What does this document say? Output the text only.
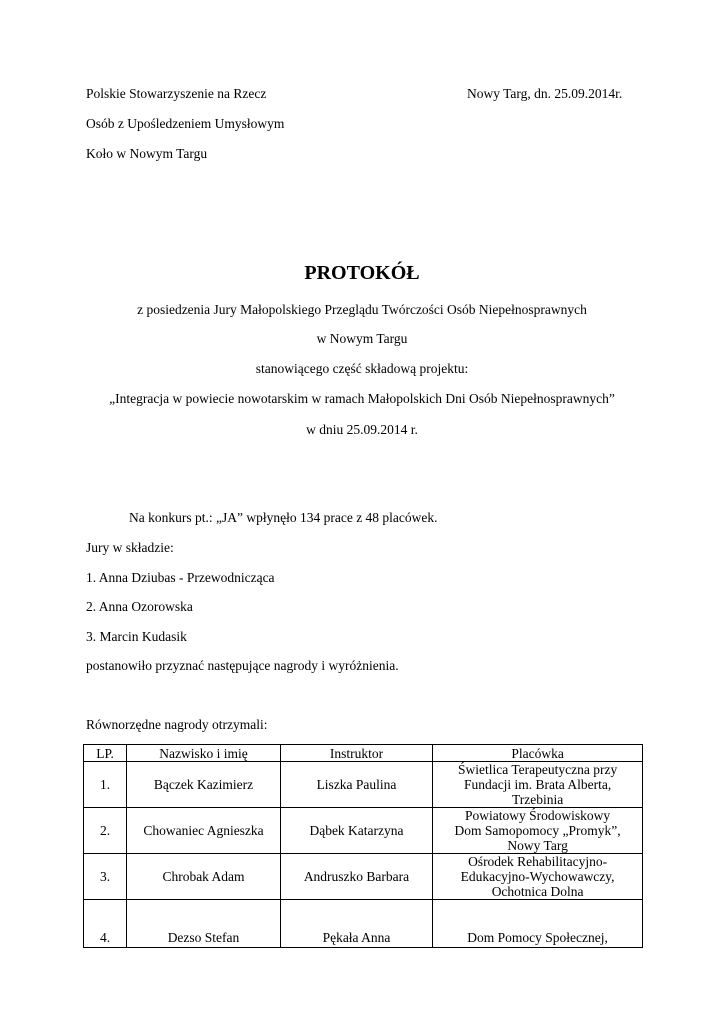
Polskie Stowarzyszenie na Rzecz
Osób z Upośledzeniem Umysłowym
Koło w Nowym Targu
Nowy Targ, dn. 25.09.2014r.
PROTOKÓŁ
z posiedzenia Jury Małopolskiego Przeglądu Twórczości Osób Niepełnosprawnych
w Nowym Targu
stanowiącego część składową projektu:
„Integracja w powiecie nowotarskim w ramach Małopolskich Dni Osób Niepełnosprawnych”
w dniu 25.09.2014 r.
Na konkurs pt.: „JA” wpłynęło 134 prace z 48 placówek.
Jury w składzie:
1. Anna Dziubas - Przewodnicząca
2. Anna Ozorowska
3. Marcin Kudasik
postanowiło przyznać następujące nagrody i wyróżnienia.
Równorzędne nagrody otrzymali:
LP.	Nazwisko i imię	Instruktor	Placówka
1.	Bączek Kazimierz	Liszka Paulina	Świetlica Terapeutyczna przy
Fundacji im. Brata Alberta,
Trzebinia

2.	Chowaniec Agnieszka	Dąbek Katarzyna	Powiatowy Środowiskowy
Dom Samopomocy „Promyk”,
Nowy Targ

3.	Chrobak Adam	Andruszko Barbara	Ośrodek Rehabilitacyjno-
Edukacyjno-Wychowawczy,
Ochotnica Dolna

4.	Dezso Stefan	Pękała Anna	Dom Pomocy Społecznej,
